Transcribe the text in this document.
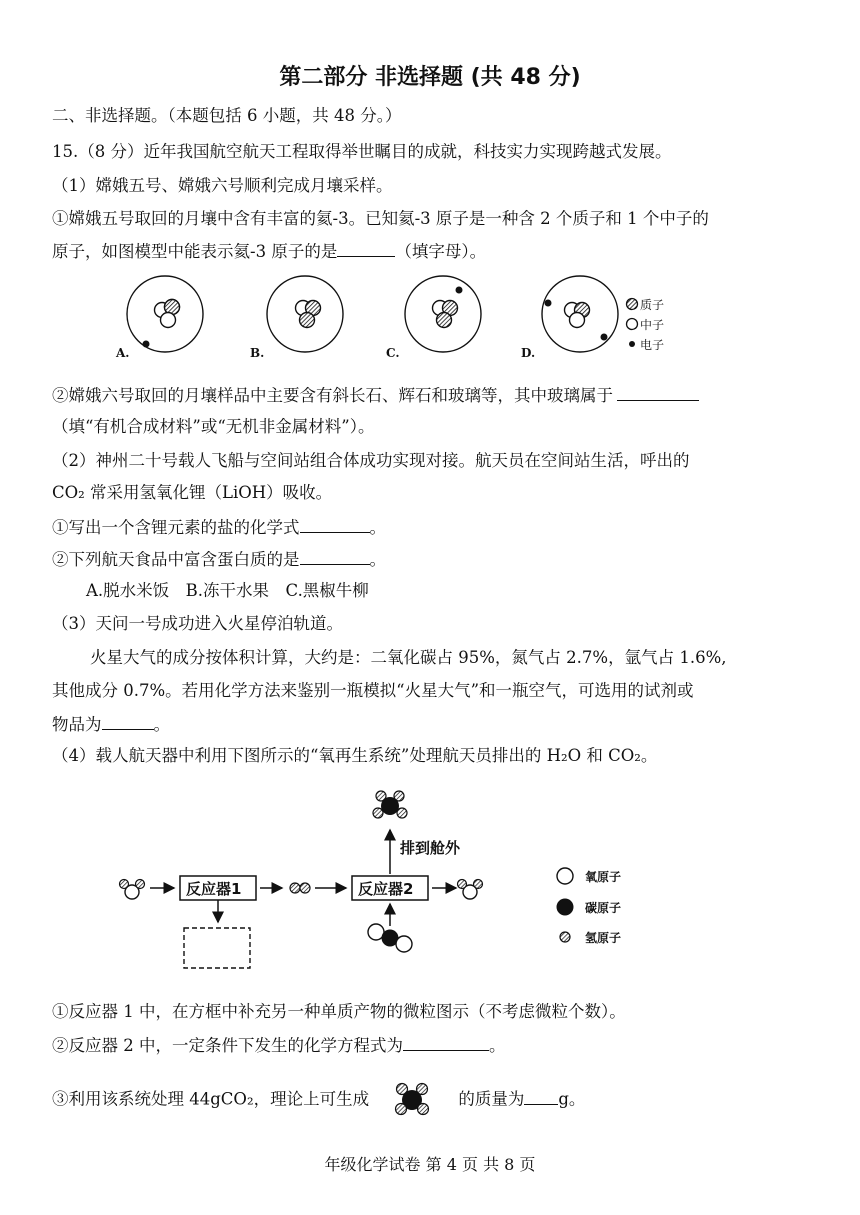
第二部分 非选择题 (共 48 分)
二、非选择题。（本题包括 6 小题，共 48 分。）
15.（8 分）近年我国航空航天工程取得举世瞩目的成就，科技实力实现跨越式发展。
（1）嫦娥五号、嫦娥六号顺利完成月壤采样。
①嫦娥五号取回的月壤中含有丰富的氦-3。已知氦-3 原子是一种含 2 个质子和 1 个中子的
原子，如图模型中能表示氦-3 原子的是	（填字母）。
A.	B.	C.	D.
质子
中子
电子
②嫦娥六号取回的月壤样品中主要含有斜长石、辉石和玻璃等，其中玻璃属于
（填“有机合成材料”或“无机非金属材料”）。
（2）神州二十号载人飞船与空间站组合体成功实现对接。航天员在空间站生活，呼出的
CO₂ 常采用氢氧化锂（LiOH）吸收。
①写出一个含锂元素的盐的化学式	。
②下列航天食品中富含蛋白质的是	。
A.脱水米饭　B.冻干水果　C.黑椒牛柳
（3）天问一号成功进入火星停泊轨道。
火星大气的成分按体积计算，大约是：二氧化碳占 95%，氮气占 2.7%，氩气占 1.6%,
其他成分 0.7%。若用化学方法来鉴别一瓶模拟“火星大气”和一瓶空气，可选用的试剂或
物品为	。
（4）载人航天器中利用下图所示的“氧再生系统”处理航天员排出的 H₂O 和 CO₂。
反应器1	反应器2
排到舱外
氧原子
碳原子
氢原子
①反应器 1 中，在方框中补充另一种单质产物的微粒图示（不考虑微粒个数）。
②反应器 2 中，一定条件下发生的化学方程式为	。
③利用该系统处理 44gCO₂，理论上可生成	的质量为 g。
年级化学试卷 第 4 页 共 8 页
